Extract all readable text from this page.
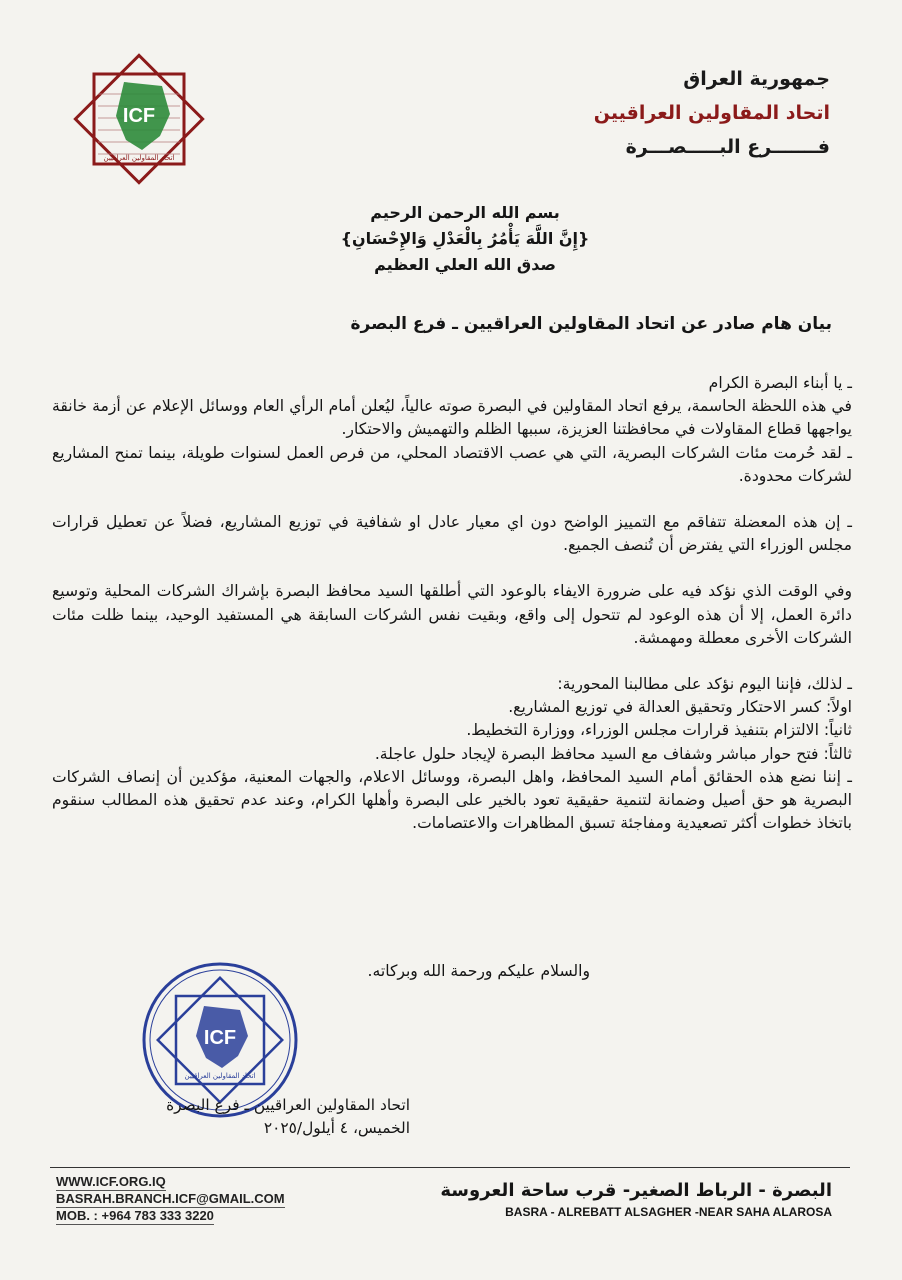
جمهورية العراق
اتحاد المقاولين العراقيين
فـــــــرع البـــــصـــرة
ICF
اتحاد المقاولين العراقيين
بسم الله الرحمن الرحيم
{إِنَّ اللَّهَ يَأْمُرُ بِالْعَدْلِ وَالإِحْسَانِ}
صدق الله العلي العظيم
بيان هام صادر عن اتحاد المقاولين العراقيين ـ فرع البصرة

ـ يا أبناء البصرة الكرام

في هذه اللحظة الحاسمة، يرفع اتحاد المقاولين في البصرة صوته عالياً، ليُعلن أمام الرأي العام ووسائل الإعلام عن أزمة خانقة يواجهها قطاع المقاولات في محافظتنا العزيزة، سببها الظلم والتهميش والاحتكار.

ـ لقد حُرمت مئات الشركات البصرية، التي هي عصب الاقتصاد المحلي، من فرص العمل لسنوات طويلة، بينما تمنح المشاريع لشركات محدودة.

ـ إن هذه المعضلة تتفاقم مع التمييز الواضح دون اي معيار عادل او شفافية في توزيع المشاريع، فضلاً عن تعطيل قرارات مجلس الوزراء التي يفترض أن تُنصف الجميع.

وفي الوقت الذي نؤكد فيه على ضرورة الايفاء بالوعود التي أطلقها السيد محافظ البصرة بإشراك الشركات المحلية وتوسيع دائرة العمل، إلا أن هذه الوعود لم تتحول إلى واقع، وبقيت نفس الشركات السابقة هي المستفيد الوحيد، بينما ظلت مئات الشركات الأخرى معطلة ومهمشة.

ـ لذلك، فإننا اليوم نؤكد على مطالبنا المحورية:

اولاً: كسر الاحتكار وتحقيق العدالة في توزيع المشاريع.

ثانياً: الالتزام بتنفيذ قرارات مجلس الوزراء، ووزارة التخطيط.

ثالثاً: فتح حوار مباشر وشفاف مع السيد محافظ البصرة لإيجاد حلول عاجلة.

ـ إننا نضع هذه الحقائق أمام السيد المحافظ، واهل البصرة، ووسائل الاعلام، والجهات المعنية، مؤكدين أن إنصاف الشركات البصرية هو حق أصيل وضمانة لتنمية حقيقية تعود بالخير على البصرة وأهلها الكرام، وعند عدم تحقيق هذه المطالب سنقوم باتخاذ خطوات أكثر تصعيدية ومفاجئة تسبق المظاهرات والاعتصامات.

والسلام عليكم ورحمة الله وبركاته.
ICF
اتحاد المقاولين العراقيين
اتحاد المقاولين العراقيين ـ فرع البصرة
الخميس، ٤ أيلول/٢٠٢٥
WWW.ICF.ORG.IQ
BASRAH.BRANCH.ICF@GMAIL.COM
MOB. : +964 783 333 3220
البصرة - الرباط الصغير- قرب ساحة العروسة
BASRA - ALREBATT ALSAGHER -NEAR SAHA ALAROSA
